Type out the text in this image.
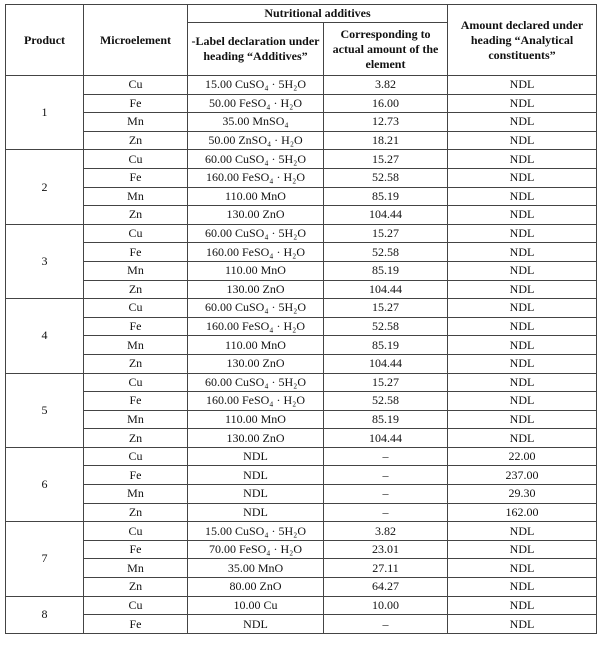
Product	Microelement	Nutritional additives		Amount declared under heading “Analytical constituents”
		-Label declaration under heading “Additives”	Corresponding to actual amount of the element	
1	Cu	15.00 CuSO₄ · 5H₂O	3.82	NDL
	Fe	50.00 FeSO₄ · H₂O	16.00	NDL
	Mn	35.00 MnSO₄	12.73	NDL
	Zn	50.00 ZnSO₄ · H₂O	18.21	NDL
2	Cu	60.00 CuSO₄ · 5H₂O	15.27	NDL
	Fe	160.00 FeSO₄ · H₂O	52.58	NDL
	Mn	110.00 MnO	85.19	NDL
	Zn	130.00 ZnO	104.44	NDL
3	Cu	60.00 CuSO₄ · 5H₂O	15.27	NDL
	Fe	160.00 FeSO₄ · H₂O	52.58	NDL
	Mn	110.00 MnO	85.19	NDL
	Zn	130.00 ZnO	104.44	NDL
4	Cu	60.00 CuSO₄ · 5H₂O	15.27	NDL
	Fe	160.00 FeSO₄ · H₂O	52.58	NDL
	Mn	110.00 MnO	85.19	NDL
	Zn	130.00 ZnO	104.44	NDL
5	Cu	60.00 CuSO₄ · 5H₂O	15.27	NDL
	Fe	160.00 FeSO₄ · H₂O	52.58	NDL
	Mn	110.00 MnO	85.19	NDL
	Zn	130.00 ZnO	104.44	NDL
6	Cu	NDL	–	22.00
	Fe	NDL	–	237.00
	Mn	NDL	–	29.30
	Zn	NDL	–	162.00
7	Cu	15.00 CuSO₄ · 5H₂O	3.82	NDL
	Fe	70.00 FeSO₄ · H₂O	23.01	NDL
	Mn	35.00 MnO	27.11	NDL
	Zn	80.00 ZnO	64.27	NDL
8	Cu	10.00 Cu	10.00	NDL
	Fe	NDL	–	NDL
